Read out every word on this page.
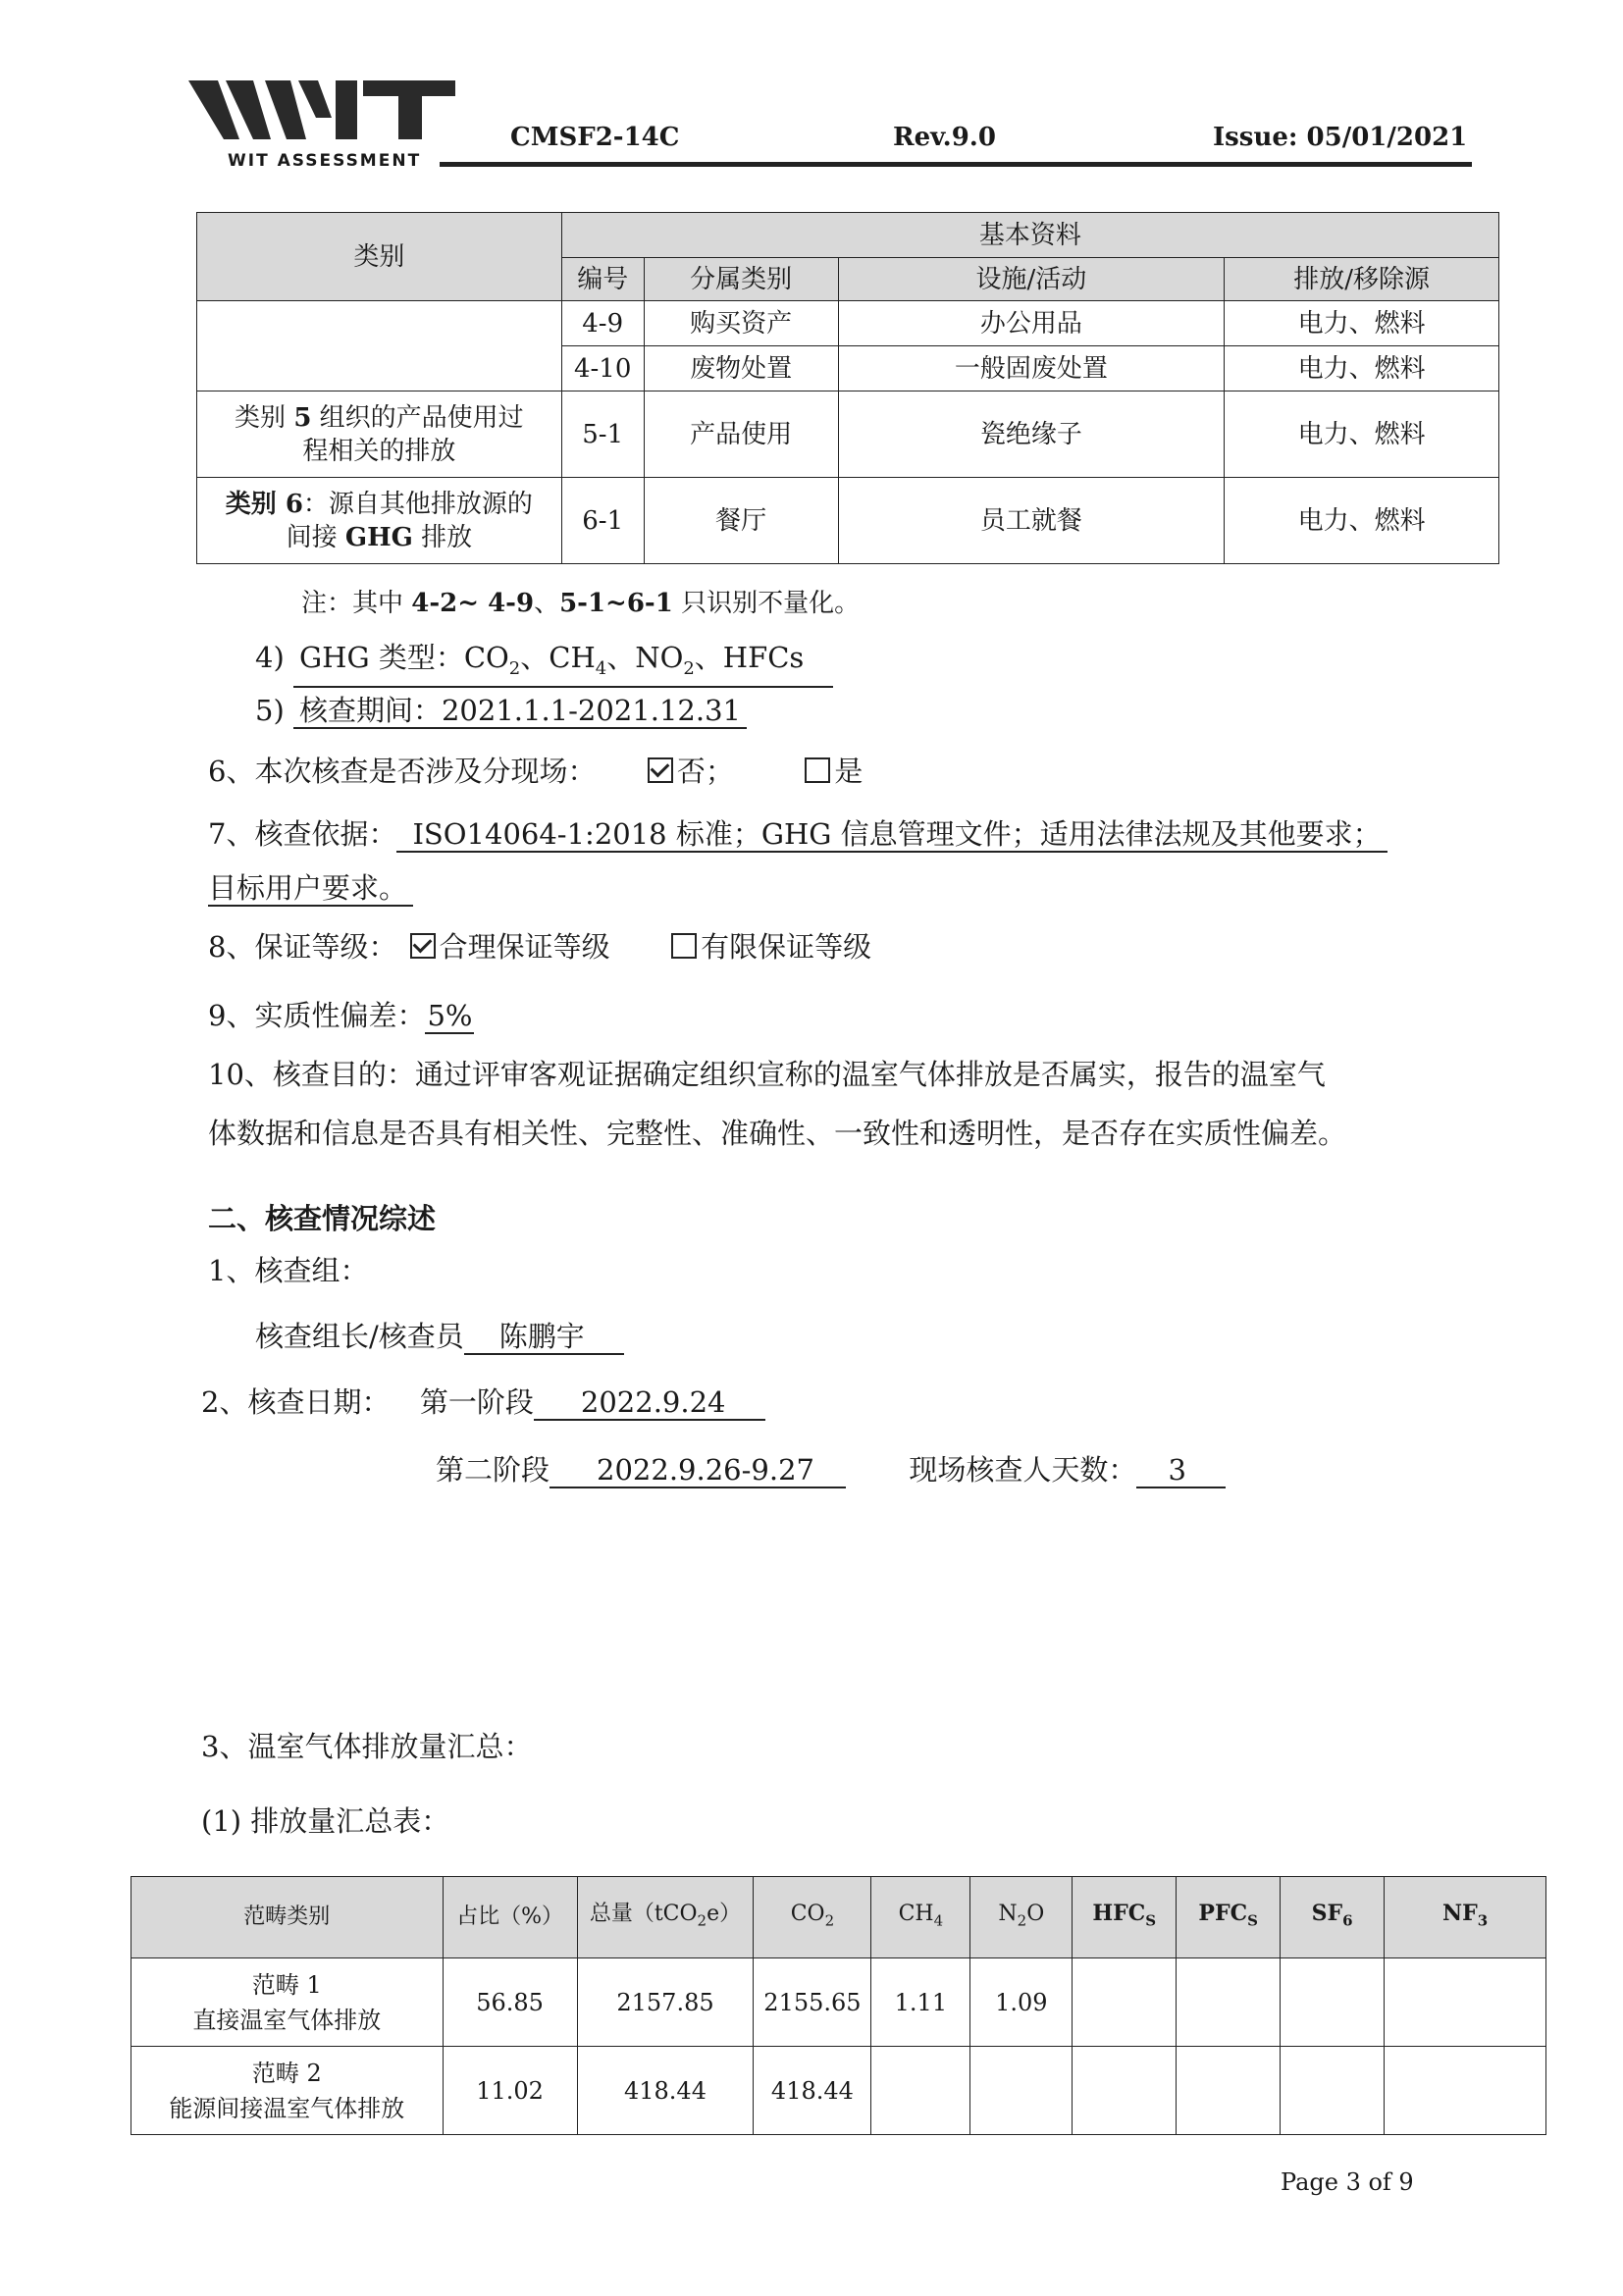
WIT ASSESSMENT
CMSF2-14C	Rev.9.0	Issue: 05/01/2021
类别	基本资料			
	编号	分属类别	设施/活动	排放/移除源
	4-9	购买资产	办公用品	电力、燃料
	4-10	废物处置	一般固废处置	电力、燃料

类别 5 组织的产品使用过
程相关的排放	5-1	产品使用	瓷绝缘子	电力、燃料

类别 6：源自其他排放源的
间接 GHG 排放	6-1	餐厅	员工就餐	电力、燃料
注：其中 4-2~ 4-9、5-1~6-1 只识别不量化。
4) GHG 类型：$CO_2$、$CH_4$、$NO_2$、HFCs
5) 核查期间：2021.1.1-2021.12.31
6、本次核查是否涉及分现场：	否；	是
7、核查依据： ISO14064-1:2018 标准；GHG 信息管理文件；适用法律法规及其他要求；
目标用户要求。
8、保证等级： 合理保证等级	有限保证等级
9、实质性偏差：5%
10、核查目的：通过评审客观证据确定组织宣称的温室气体排放是否属实，报告的温室气
体数据和信息是否具有相关性、完整性、准确性、一致性和透明性，是否存在实质性偏差。
二、核查情况综述
1、核查组：
核查组长/核查员 陈鹏宇
2、核查日期： 第一阶段 2022.9.24
第二阶段 2022.9.26-9.27	现场核查人天数： 3
3、温室气体排放量汇总：
(1) 排放量汇总表：
范畴类别	占比（%）	总量（tCO$_2$e）	$CO_2$	$CH_4$	$N_2O$	$HFC_S$	$PFC_S$	$SF_6$	$NF_3$

范畴 1
直接温室气体排放	56.85	2157.85	2155.65	1.11	1.09				

范畴 2
能源间接温室气体排放	11.02	418.44	418.44						
Page 3 of 9
